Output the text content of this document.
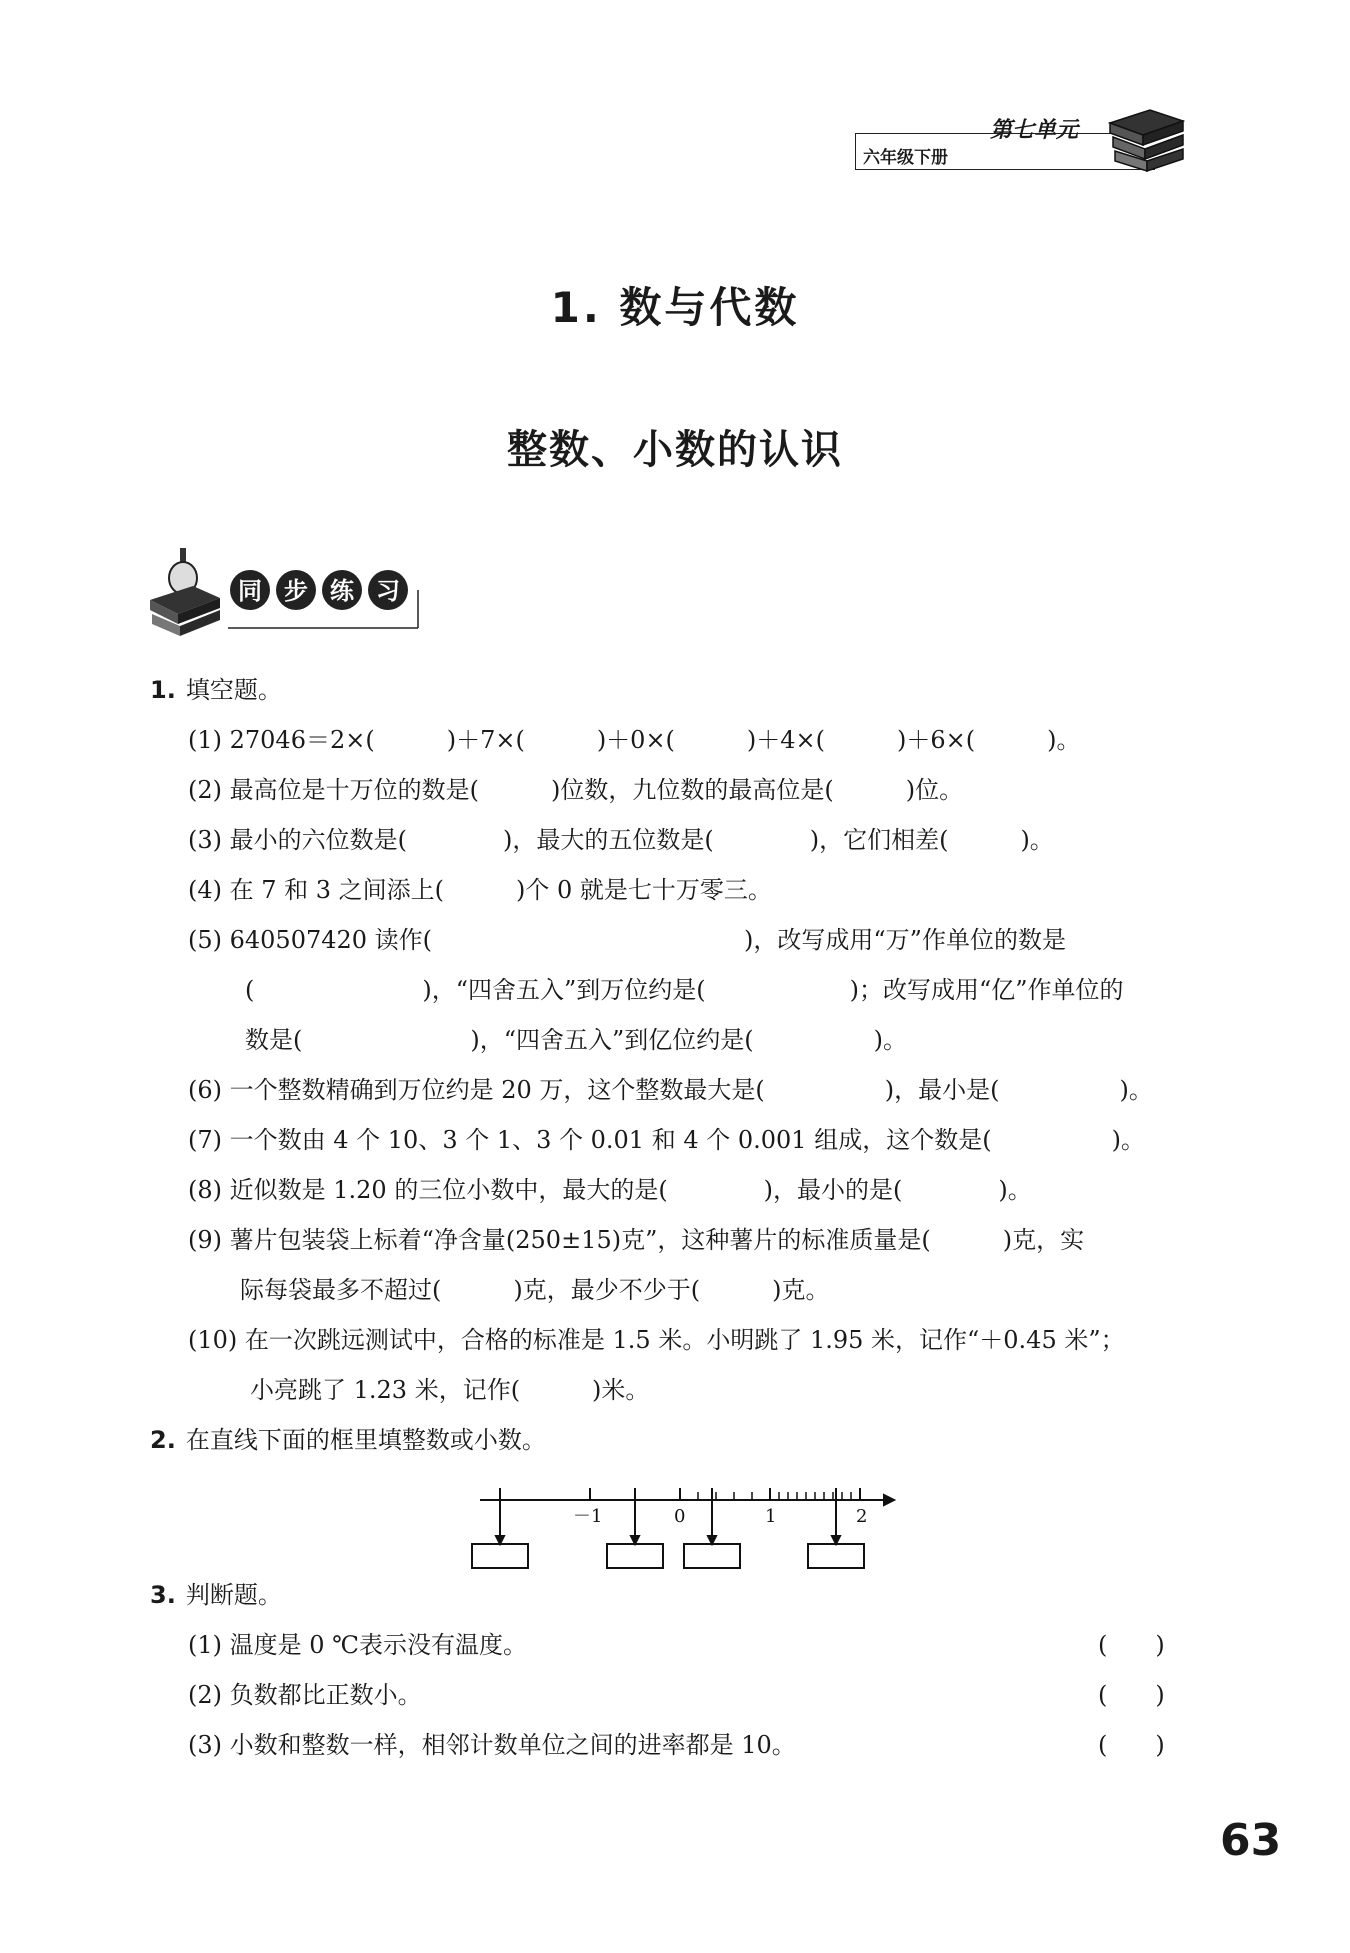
六年级下册
第七单元
1. 数与代数
整数、小数的认识
同 步 练 习
1. 填空题。
(1) 27046＝2×(　　　)＋7×(　　　)＋0×(　　　)＋4×(　　　)＋6×(　　　)。
(2) 最高位是十万位的数是(　　　)位数，九位数的最高位是(　　　)位。
(3) 最小的六位数是(　　　　)，最大的五位数是(　　　　)，它们相差(　　　)。
(4) 在 7 和 3 之间添上(　　　)个 0 就是七十万零三。
(5) 640507420 读作(　　　　　　　　　　　　　)，改写成用“万”作单位的数是
(　　　　　　　)，“四舍五入”到万位约是(　　　　　　)；改写成用“亿”作单位的
数是(　　　　　　　)，“四舍五入”到亿位约是(　　　　　)。
(6) 一个整数精确到万位约是 20 万，这个整数最大是(　　　　　)，最小是(　　　　　)。
(7) 一个数由 4 个 10、3 个 1、3 个 0.01 和 4 个 0.001 组成，这个数是(　　　　　)。
(8) 近似数是 1.20 的三位小数中，最大的是(　　　　)，最小的是(　　　　)。
(9) 薯片包装袋上标着“净含量(250±15)克”，这种薯片的标准质量是(　　　)克，实
际每袋最多不超过(　　　)克，最少不少于(　　　)克。
(10) 在一次跳远测试中，合格的标准是 1.5 米。小明跳了 1.95 米，记作“＋0.45 米”；
小亮跳了 1.23 米，记作(　　　)米。
2. 在直线下面的框里填整数或小数。
－1	0	1	2
3. 判断题。
(1) 温度是 0 ℃表示没有温度。	(　　)
(2) 负数都比正数小。	(　　)
(3) 小数和整数一样，相邻计数单位之间的进率都是 10。	(　　)
63
